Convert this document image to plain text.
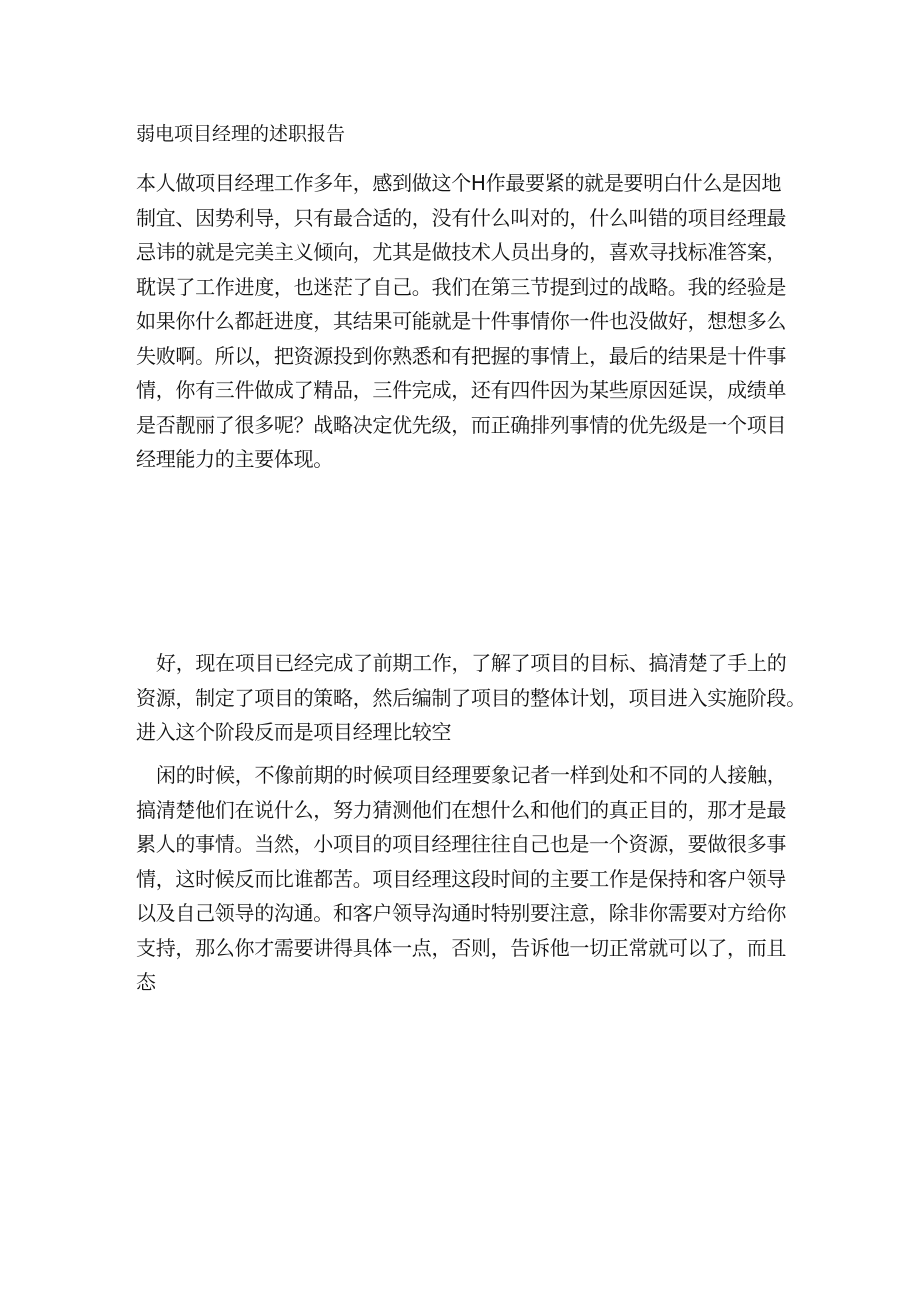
弱电项目经理的述职报告

本人做项目经理工作多年，感到做这个H作最要紧的就是要明白什么是因地
制宜、因势利导，只有最合适的，没有什么叫对的，什么叫错的项目经理最
忌讳的就是完美主义倾向，尤其是做技术人员出身的，喜欢寻找标准答案，
耽误了工作进度，也迷茫了自己。我们在第三节提到过的战略。我的经验是
如果你什么都赶进度，其结果可能就是十件事情你一件也没做好，想想多么
失败啊。所以，把资源投到你熟悉和有把握的事情上，最后的结果是十件事
情，你有三件做成了精品，三件完成，还有四件因为某些原因延误，成绩单
是否靓丽了很多呢？战略决定优先级，而正确排列事情的优先级是一个项目
经理能力的主要体现。

好，现在项目已经完成了前期工作，了解了项目的目标、搞清楚了手上的
资源，制定了项目的策略，然后编制了项目的整体计划，项目进入实施阶段。
进入这个阶段反而是项目经理比较空

闲的时候，不像前期的时候项目经理要象记者一样到处和不同的人接触，
搞清楚他们在说什么，努力猜测他们在想什么和他们的真正目的，那才是最
累人的事情。当然，小项目的项目经理往往自己也是一个资源，要做很多事
情，这时候反而比谁都苦。项目经理这段时间的主要工作是保持和客户领导
以及自己领导的沟通。和客户领导沟通时特别要注意，除非你需要对方给你
支持，那么你才需要讲得具体一点，否则，告诉他一切正常就可以了，而且
态
